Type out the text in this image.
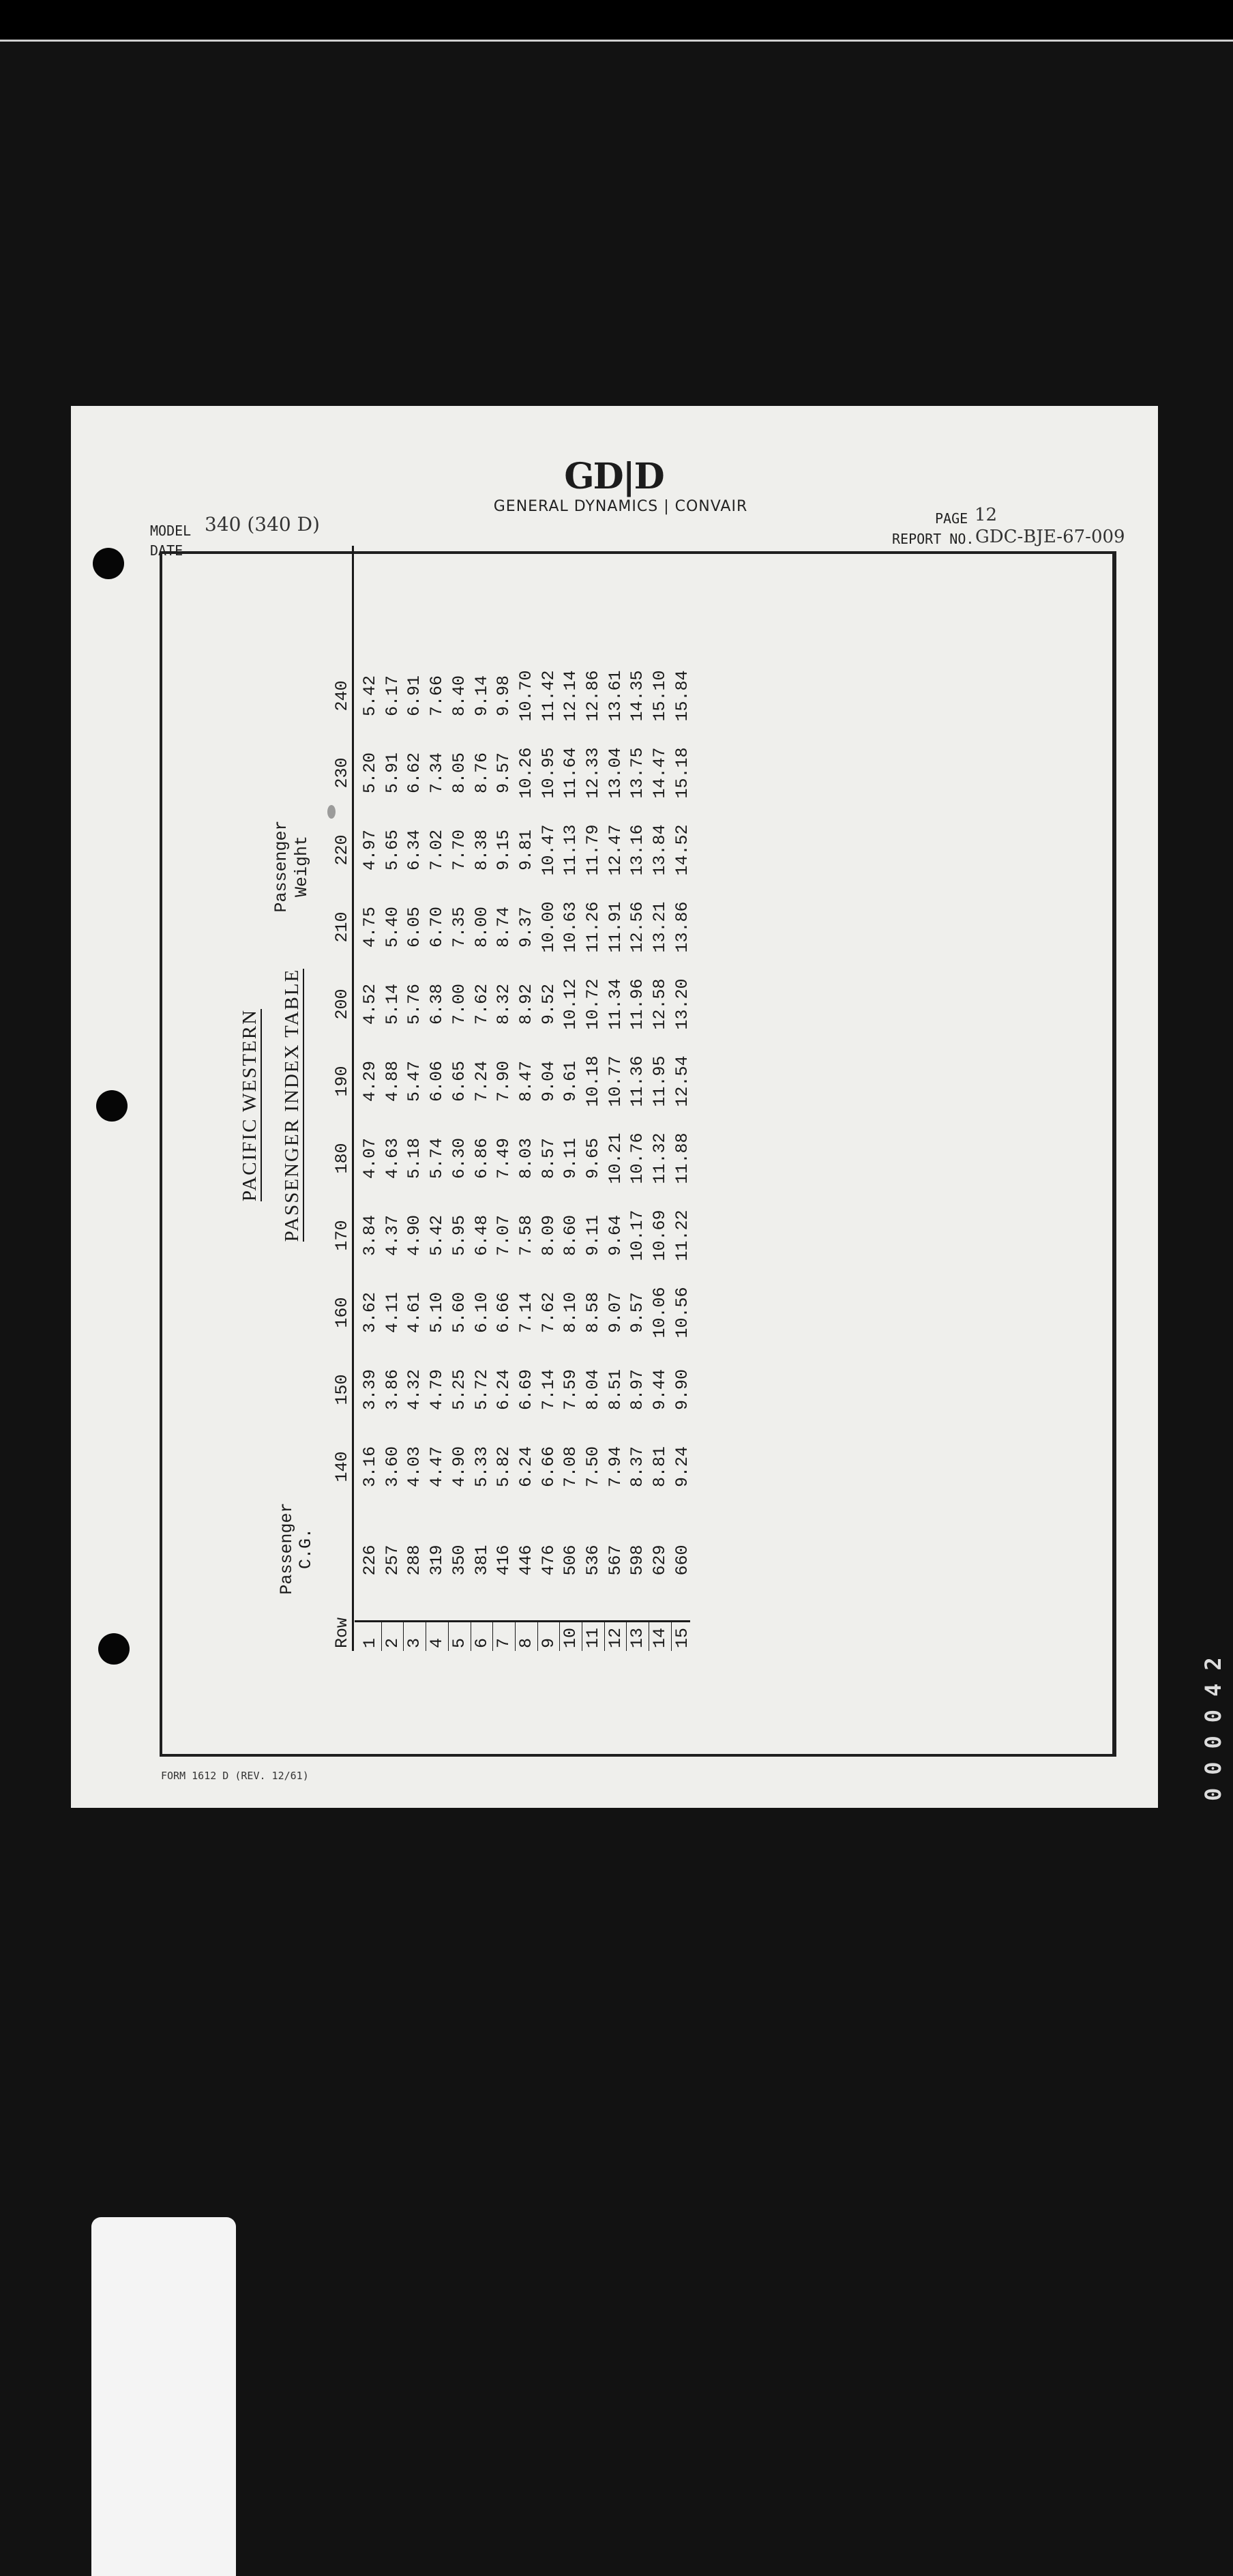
GD|D
GENERAL DYNAMICS | CONVAIR
MODEL 340 (340 D)
DATE
PAGE 12
REPORT NO. GDC-BJE-67-009
PACIFIC WESTERN PASSENGER INDEX TABLE
Passenger Weight
Passenger C.G.
Row
140
150
160
170
180
190
200
210
220
230
240
1
226
3.16
3.39
3.62
3.84
4.07
4.29
4.52
4.75
4.97
5.20
5.42
2
257
3.60
3.86
4.11
4.37
4.63
4.88
5.14
5.40
5.65
5.91
6.17
3
288
4.03
4.32
4.61
4.90
5.18
5.47
5.76
6.05
6.34
6.62
6.91
4
319
4.47
4.79
5.10
5.42
5.74
6.06
6.38
6.70
7.02
7.34
7.66
5
350
4.90
5.25
5.60
5.95
6.30
6.65
7.00
7.35
7.70
8.05
8.40
6
381
5.33
5.72
6.10
6.48
6.86
7.24
7.62
8.00
8.38
8.76
9.14
7
416
5.82
6.24
6.66
7.07
7.49
7.90
8.32
8.74
9.15
9.57
9.98
8
446
6.24
6.69
7.14
7.58
8.03
8.47
8.92
9.37
9.81
10.26
10.70
9
476
6.66
7.14
7.62
8.09
8.57
9.04
9.52
10.00
10.47
10.95
11.42
10
506
7.08
7.59
8.10
8.60
9.11
9.61
10.12
10.63
11.13
11.64
12.14
11
536
7.50
8.04
8.58
9.11
9.65
10.18
10.72
11.26
11.79
12.33
12.86
12
567
7.94
8.51
9.07
9.64
10.21
10.77
11.34
11.91
12.47
13.04
13.61
13
598
8.37
8.97
9.57
10.17
10.76
11.36
11.96
12.56
13.16
13.75
14.35
14
629
8.81
9.44
10.06
10.69
11.32
11.95
12.58
13.21
13.84
14.47
15.10
15
660
9.24
9.90
10.56
11.22
11.88
12.54
13.20
13.86
14.52
15.18
15.84
FORM 1612 D (REV. 12/61)	000042
